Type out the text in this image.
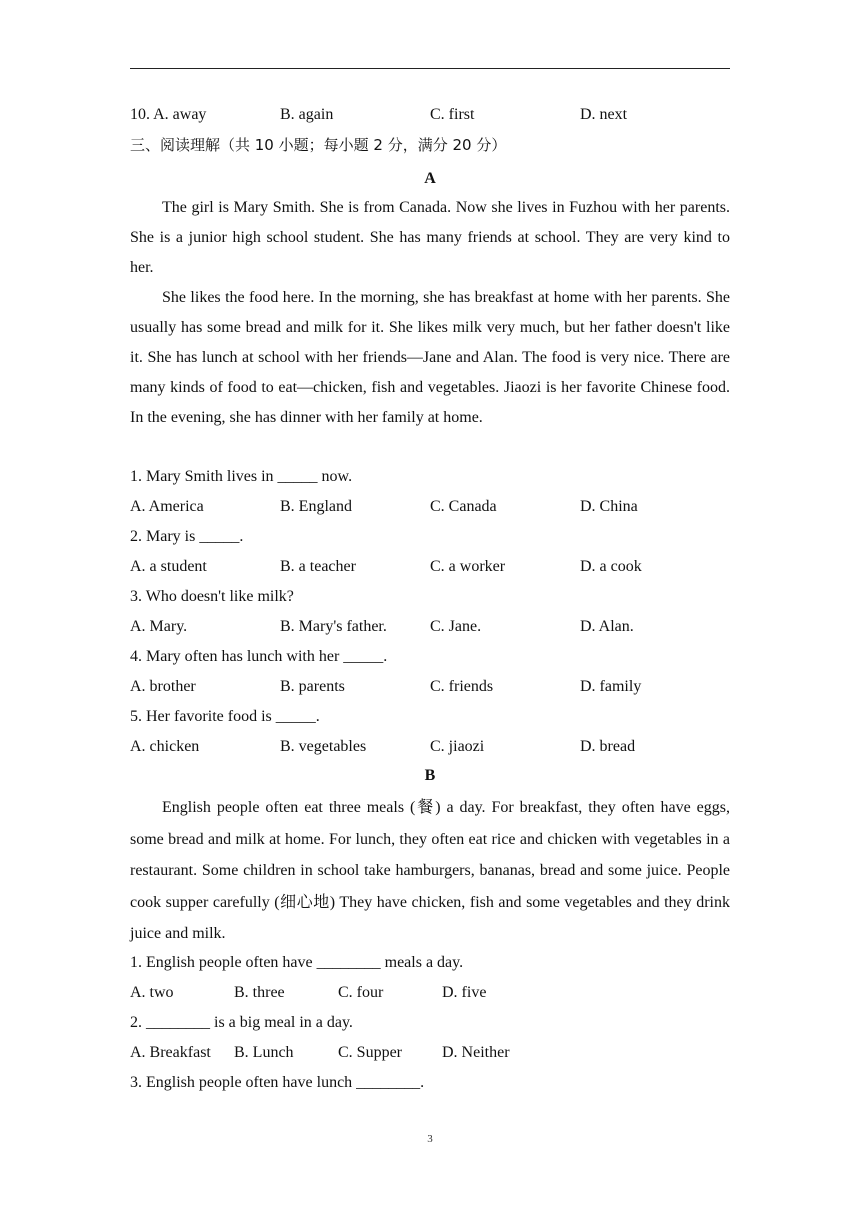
10. A. away	B. again	C. first	D. next
三、阅读理解（共 10 小题；每小题 2 分，满分 20 分）
A
The girl is Mary Smith. She is from Canada. Now she lives in Fuzhou with her parents. She is a junior high school student. She has many friends at school. They are very kind to her.
She likes the food here. In the morning, she has breakfast at home with her parents. She usually has some bread and milk for it. She likes milk very much, but her father doesn't like it. She has lunch at school with her friends—Jane and Alan. The food is very nice. There are many kinds of food to eat—chicken, fish and vegetables. Jiaozi is her favorite Chinese food. In the evening, she has dinner with her family at home.
1. Mary Smith lives in _____ now.
A. America	B. England	C. Canada	D. China
2. Mary is _____.
A. a student	B. a teacher	C. a worker	D. a cook
3. Who doesn't like milk?
A. Mary.	B. Mary's father.	C. Jane.	D. Alan.
4. Mary often has lunch with her _____.
A. brother	B. parents	C. friends	D. family
5. Her favorite food is _____.
A. chicken	B. vegetables	C. jiaozi	D. bread
B
English people often eat three meals (餐) a day. For breakfast, they often have eggs, some bread and milk at home. For lunch, they often eat rice and chicken with vegetables in a restaurant. Some children in school take hamburgers, bananas, bread and some juice. People cook supper carefully (细心地) They have chicken, fish and some vegetables and they drink juice and milk.
1. English people often have ________ meals a day.
A. two	B. three	C. four	D. five
2. ________ is a big meal in a day.
A. Breakfast B. Lunch	C. Supper	D. Neither
3. English people often have lunch ________.
3
